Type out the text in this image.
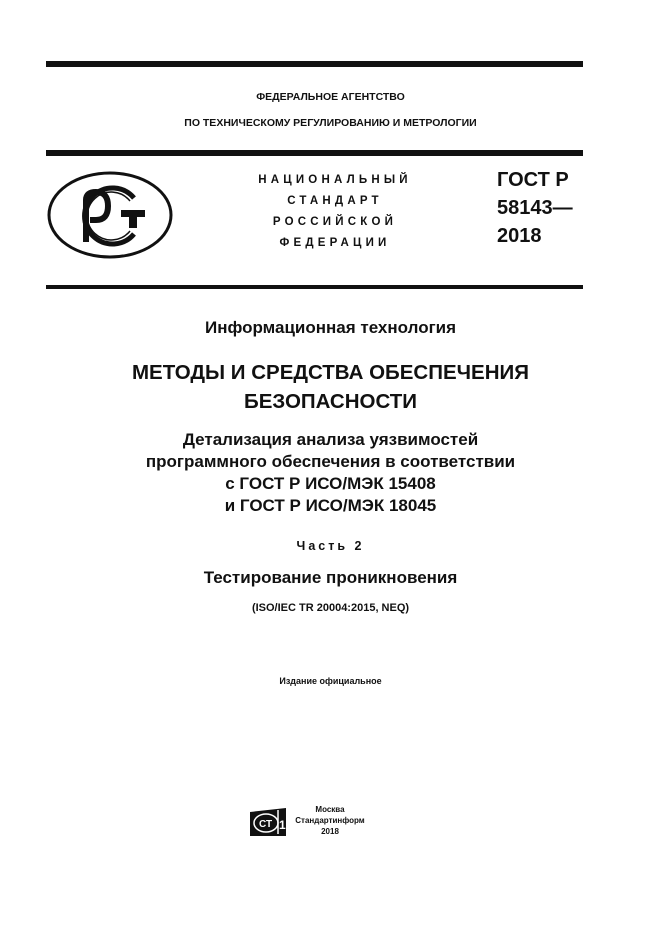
ФЕДЕРАЛЬНОЕ АГЕНТСТВО
ПО ТЕХНИЧЕСКОМУ РЕГУЛИРОВАНИЮ И МЕТРОЛОГИИ
НАЦИОНАЛЬНЫЙ
СТАНДАРТ
РОССИЙСКОЙ
ФЕДЕРАЦИИ
ГОСТ Р
58143—
2018
Информационная технология
МЕТОДЫ И СРЕДСТВА ОБЕСПЕЧЕНИЯ
БЕЗОПАСНОСТИ
Детализация анализа уязвимостей
программного обеспечения в соответствии
с ГОСТ Р ИСО/МЭК 15408
и ГОСТ Р ИСО/МЭК 18045
Часть 2
Тестирование проникновения
(ISO/IEC TR 20004:2015, NEQ)
Издание официальное
СТ 1
Москва
Стандартинформ
2018
